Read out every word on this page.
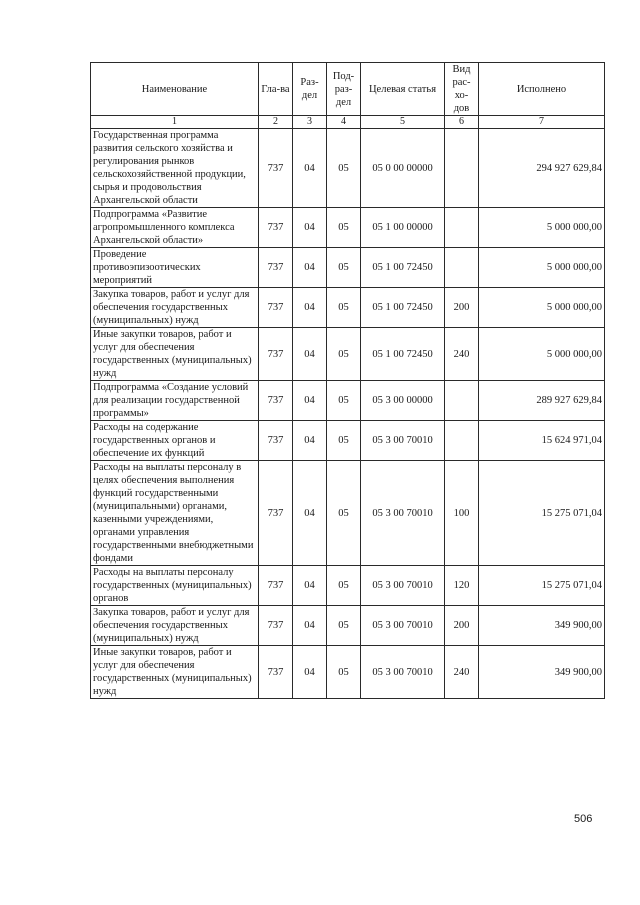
Наименование	Гла-ва	Раз-дел	Под-раз-дел	Целевая статья	Вид рас-хо-дов	Исполнено
1	2	3	4	5	6	7
Государственная программа развития сельского хозяйства и регулирования рынков сельскохозяйственной продукции, сырья и продовольствия Архангельской области	737	04	05	05 0 00 00000		294 927 629,84
Подпрограмма «Развитие агропромышленного комплекса Архангельской области»	737	04	05	05 1 00 00000		5 000 000,00
Проведение противоэпизоотических мероприятий	737	04	05	05 1 00 72450		5 000 000,00
Закупка товаров, работ и услуг для обеспечения государственных (муниципальных) нужд	737	04	05	05 1 00 72450	200	5 000 000,00
Иные закупки товаров, работ и услуг для обеспечения государственных (муниципальных) нужд	737	04	05	05 1 00 72450	240	5 000 000,00
Подпрограмма «Создание условий для реализации государственной программы»	737	04	05	05 3 00 00000		289 927 629,84
Расходы на содержание государственных органов и обеспечение их функций	737	04	05	05 3 00 70010		15 624 971,04
Расходы на выплаты персоналу в целях обеспечения выполнения функций государственными (муниципальными) органами, казенными учреждениями, органами управления государственными внебюджетными фондами	737	04	05	05 3 00 70010	100	15 275 071,04
Расходы на выплаты персоналу государственных (муниципальных) органов	737	04	05	05 3 00 70010	120	15 275 071,04
Закупка товаров, работ и услуг для обеспечения государственных (муниципальных) нужд	737	04	05	05 3 00 70010	200	349 900,00
Иные закупки товаров, работ и услуг для обеспечения государственных (муниципальных) нужд	737	04	05	05 3 00 70010	240	349 900,00
506
